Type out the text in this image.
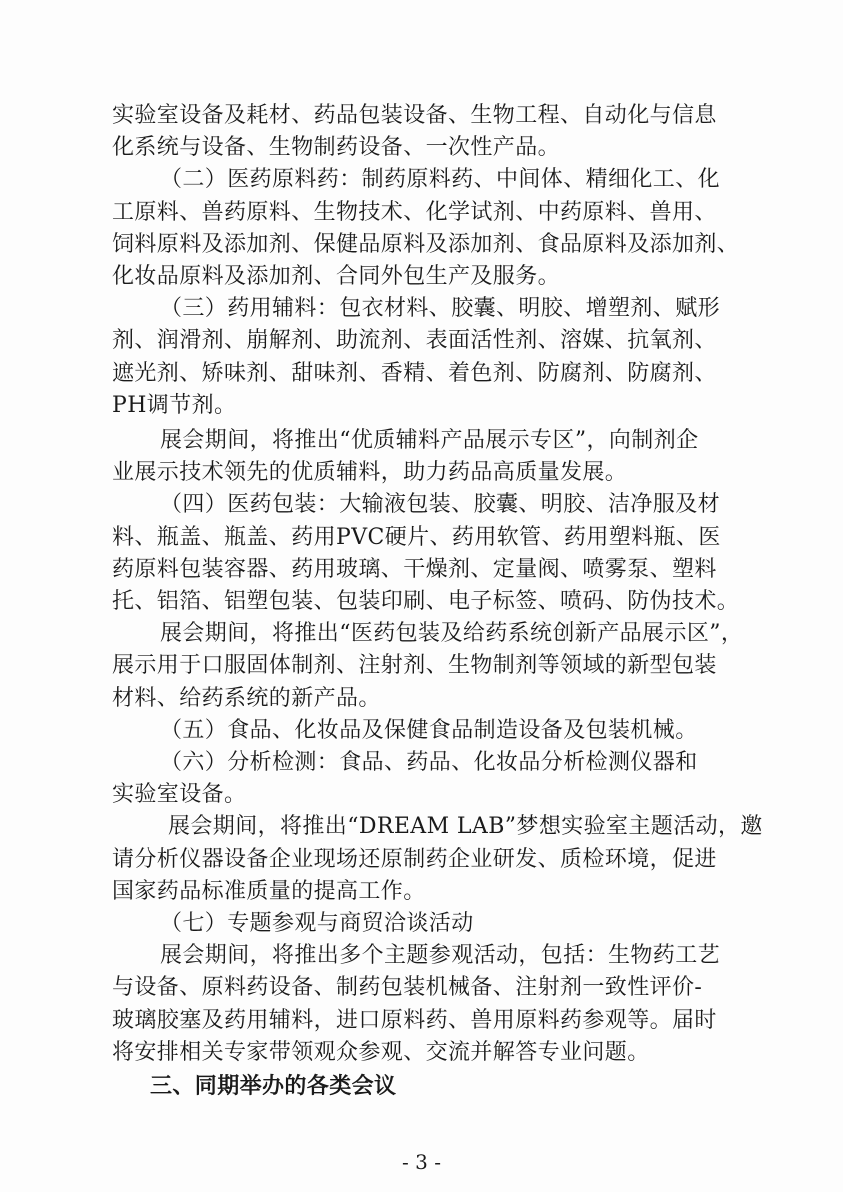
实验室设备及耗材、药品包装设备、生物工程、自动化与信息
化系统与设备、生物制药设备、一次性产品。
（二）医药原料药：制药原料药、中间体、精细化工、化
工原料、兽药原料、生物技术、化学试剂、中药原料、兽用、
饲料原料及添加剂、保健品原料及添加剂、食品原料及添加剂、
化妆品原料及添加剂、合同外包生产及服务。
（三）药用辅料：包衣材料、胶囊、明胶、增塑剂、赋形
剂、润滑剂、崩解剂、助流剂、表面活性剂、溶媒、抗氧剂、
遮光剂、矫味剂、甜味剂、香精、着色剂、防腐剂、防腐剂、
PH调节剂。
展会期间，将推出“优质辅料产品展示专区”，向制剂企
业展示技术领先的优质辅料，助力药品高质量发展。
（四）医药包装：大输液包装、胶囊、明胶、洁净服及材
料、瓶盖、瓶盖、药用PVC硬片、药用软管、药用塑料瓶、医
药原料包装容器、药用玻璃、干燥剂、定量阀、喷雾泵、塑料
托、铝箔、铝塑包装、包装印刷、电子标签、喷码、防伪技术。
展会期间，将推出“医药包装及给药系统创新产品展示区”，
展示用于口服固体制剂、注射剂、生物制剂等领域的新型包装
材料、给药系统的新产品。
（五）食品、化妆品及保健食品制造设备及包装机械。
（六）分析检测：食品、药品、化妆品分析检测仪器和
实验室设备。
展会期间，将推出“DREAM LAB”梦想实验室主题活动，邀
请分析仪器设备企业现场还原制药企业研发、质检环境，促进
国家药品标准质量的提高工作。
（七）专题参观与商贸洽谈活动
展会期间，将推出多个主题参观活动，包括：生物药工艺
与设备、原料药设备、制药包装机械备、注射剂一致性评价-
玻璃胶塞及药用辅料，进口原料药、兽用原料药参观等。届时
将安排相关专家带领观众参观、交流并解答专业问题。
三、同期举办的各类会议
- 3 -
